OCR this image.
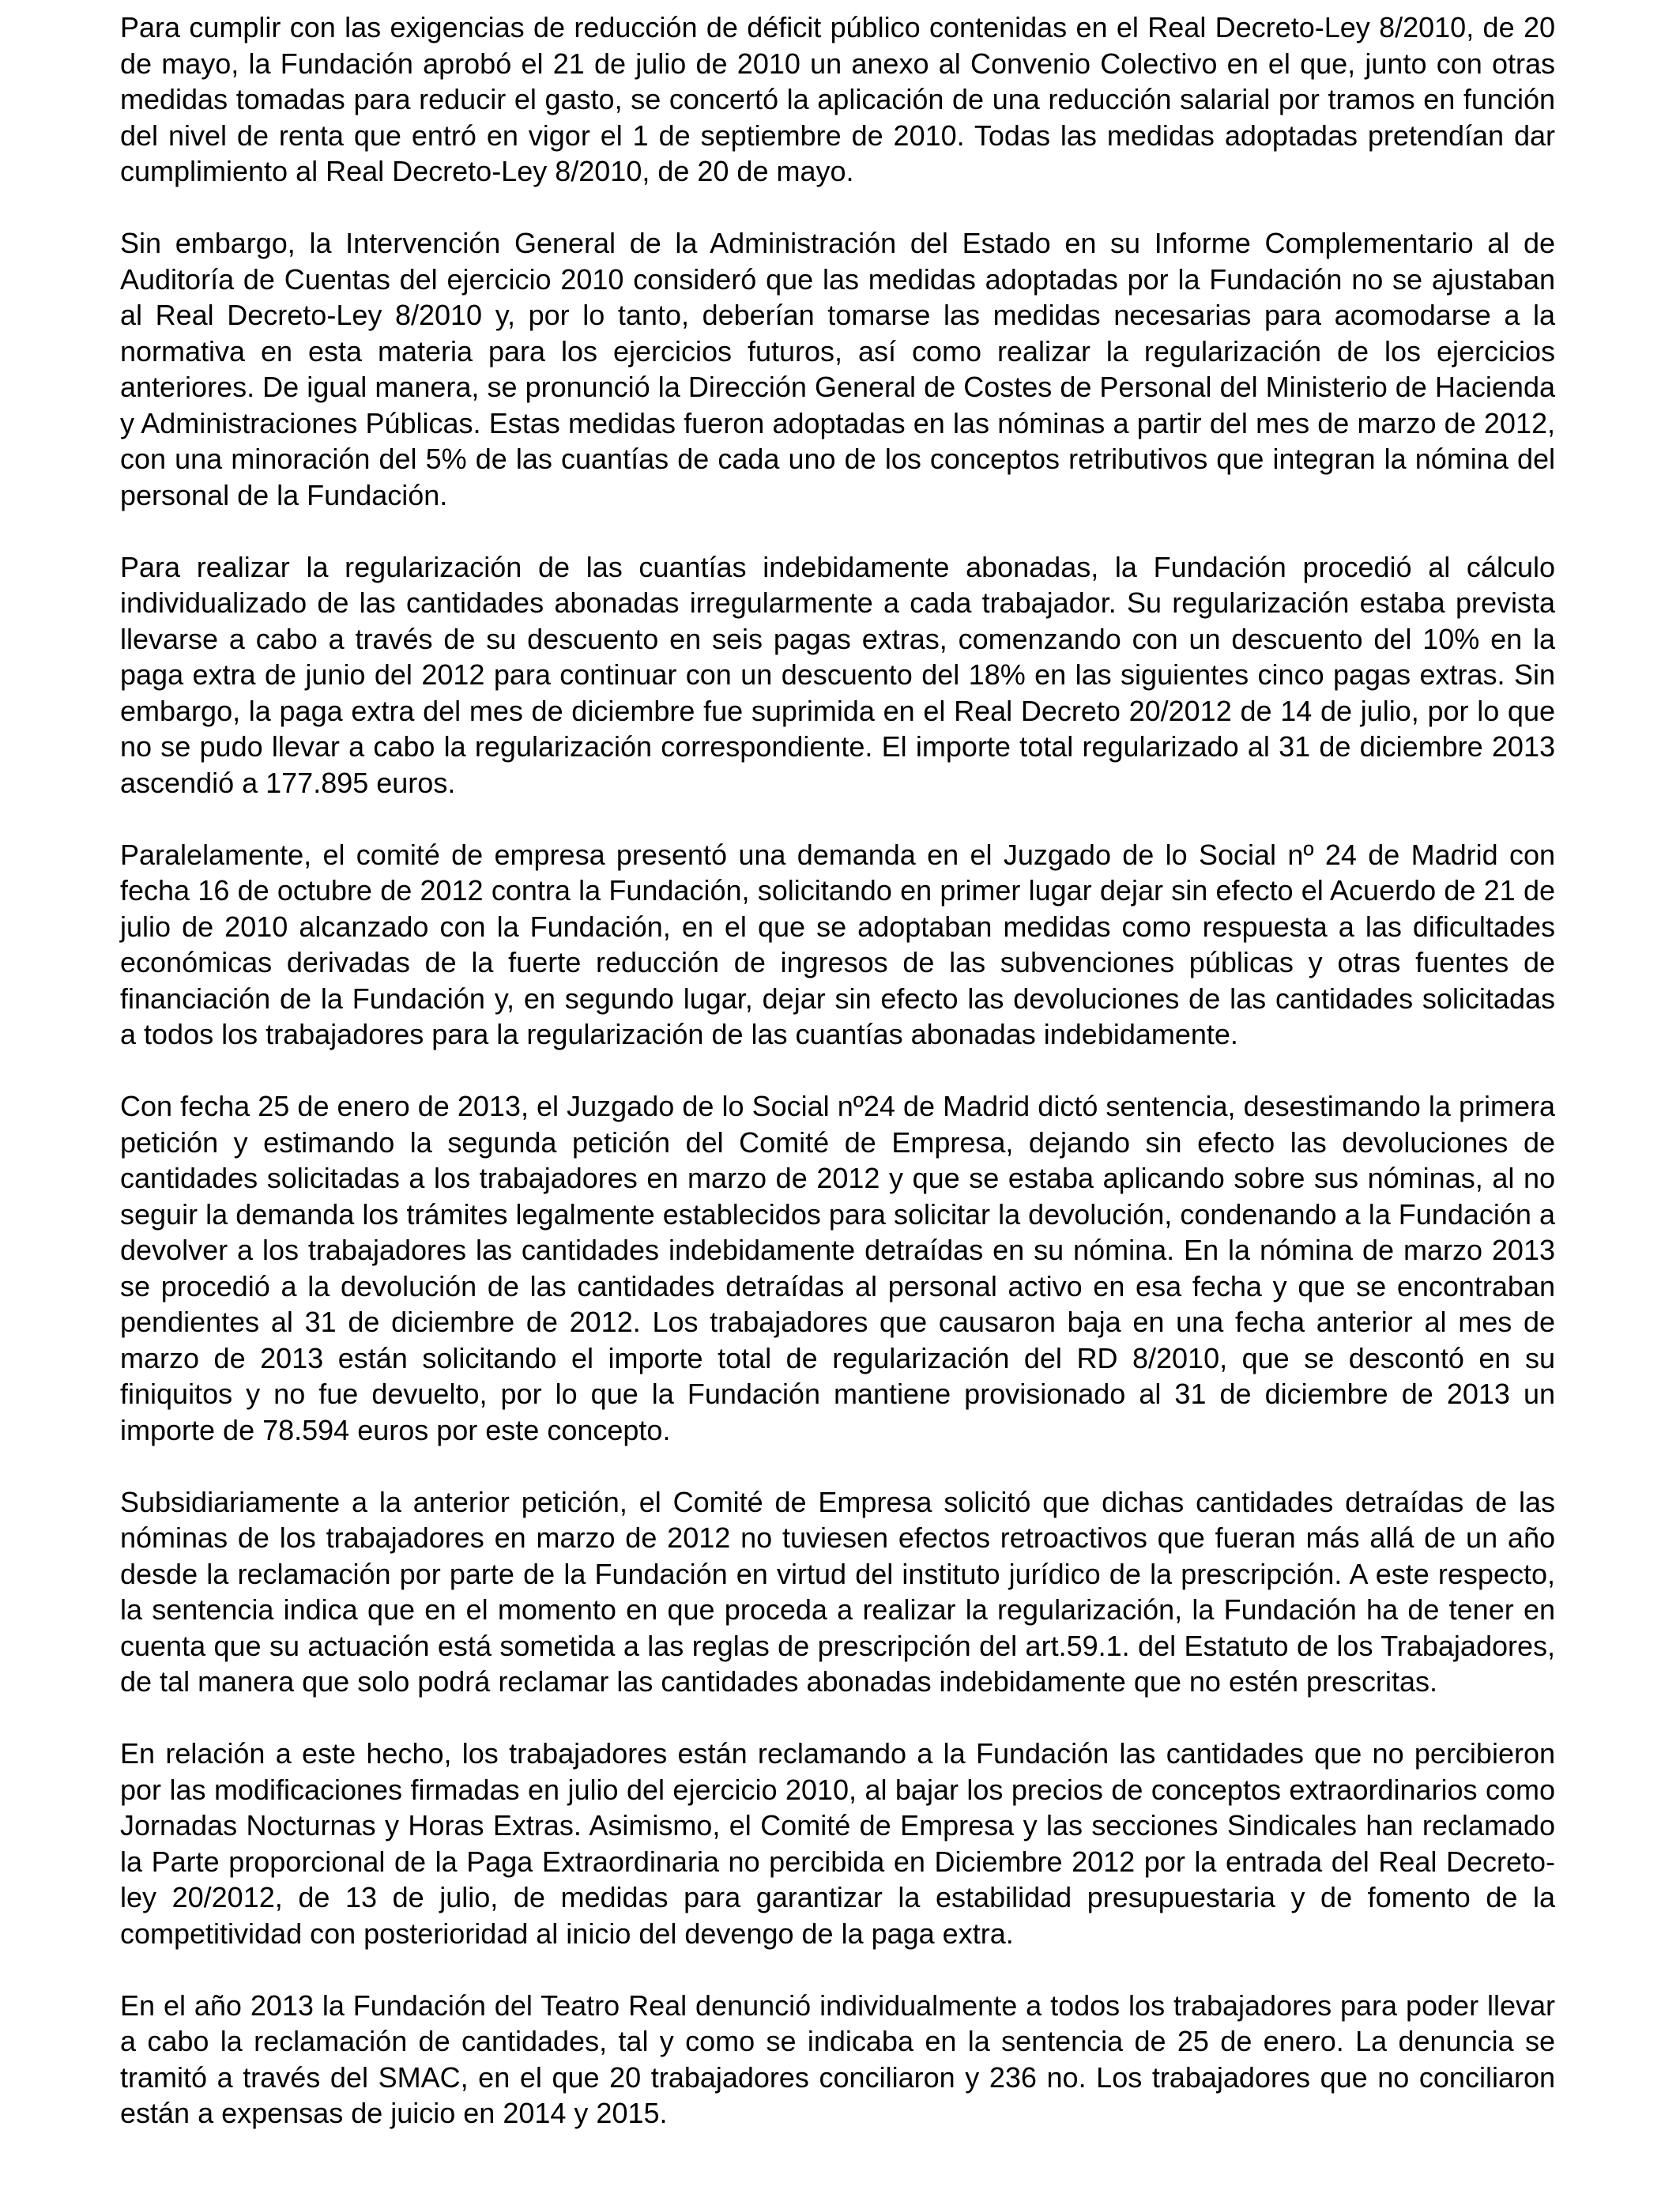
Para cumplir con las exigencias de reducción de déficit público contenidas en el Real Decreto-Ley 8/2010, de 20 de mayo, la Fundación aprobó el 21 de julio de 2010 un anexo al Convenio Colectivo en el que, junto con otras medidas tomadas para reducir el gasto, se concertó la aplicación de una reducción salarial por tramos en función del nivel de renta que entró en vigor el 1 de septiembre de 2010. Todas las medidas adoptadas pretendían dar cumplimiento al Real Decreto-Ley 8/2010, de 20 de mayo.

Sin embargo, la Intervención General de la Administración del Estado en su Informe Complementario al de Auditoría de Cuentas del ejercicio 2010 consideró que las medidas adoptadas por la Fundación no se ajustaban al Real Decreto-Ley 8/2010 y, por lo tanto, deberían tomarse las medidas necesarias para acomodarse a la normativa en esta materia para los ejercicios futuros, así como realizar la regularización de los ejercicios anteriores. De igual manera, se pronunció la Dirección General de Costes de Personal del Ministerio de Hacienda y Administraciones Públicas. Estas medidas fueron adoptadas en las nóminas a partir del mes de marzo de 2012, con una minoración del 5% de las cuantías de cada uno de los conceptos retributivos que integran la nómina del personal de la Fundación.

Para realizar la regularización de las cuantías indebidamente abonadas, la Fundación procedió al cálculo individualizado de las cantidades abonadas irregularmente a cada trabajador. Su regularización estaba prevista llevarse a cabo a través de su descuento en seis pagas extras, comenzando con un descuento del 10% en la paga extra de junio del 2012 para continuar con un descuento del 18% en las siguientes cinco pagas extras. Sin embargo, la paga extra del mes de diciembre fue suprimida en el Real Decreto 20/2012 de 14 de julio, por lo que no se pudo llevar a cabo la regularización correspondiente. El importe total regularizado al 31 de diciembre 2013 ascendió a 177.895 euros.

Paralelamente, el comité de empresa presentó una demanda en el Juzgado de lo Social nº 24 de Madrid con fecha 16 de octubre de 2012 contra la Fundación, solicitando en primer lugar dejar sin efecto el Acuerdo de 21 de julio de 2010 alcanzado con la Fundación, en el que se adoptaban medidas como respuesta a las dificultades económicas derivadas de la fuerte reducción de ingresos de las subvenciones públicas y otras fuentes de financiación de la Fundación y, en segundo lugar, dejar sin efecto las devoluciones de las cantidades solicitadas a todos los trabajadores para la regularización de las cuantías abonadas indebidamente.

Con fecha 25 de enero de 2013, el Juzgado de lo Social nº24 de Madrid dictó sentencia, desestimando la primera petición y estimando la segunda petición del Comité de Empresa, dejando sin efecto las devoluciones de cantidades solicitadas a los trabajadores en marzo de 2012 y que se estaba aplicando sobre sus nóminas, al no seguir la demanda los trámites legalmente establecidos para solicitar la devolución, condenando a la Fundación a devolver a los trabajadores las cantidades indebidamente detraídas en su nómina. En la nómina de marzo 2013 se procedió a la devolución de las cantidades detraídas al personal activo en esa fecha y que se encontraban pendientes al 31 de diciembre de 2012. Los trabajadores que causaron baja en una fecha anterior al mes de marzo de 2013 están solicitando el importe total de regularización del RD 8/2010, que se descontó en su finiquitos y no fue devuelto, por lo que la Fundación mantiene provisionado al 31 de diciembre de 2013 un importe de 78.594 euros por este concepto.

Subsidiariamente a la anterior petición, el Comité de Empresa solicitó que dichas cantidades detraídas de las nóminas de los trabajadores en marzo de 2012 no tuviesen efectos retroactivos que fueran más allá de un año desde la reclamación por parte de la Fundación en virtud del instituto jurídico de la prescripción. A este respecto, la sentencia indica que en el momento en que proceda a realizar la regularización, la Fundación ha de tener en cuenta que su actuación está sometida a las reglas de prescripción del art.59.1. del Estatuto de los Trabajadores, de tal manera que solo podrá reclamar las cantidades abonadas indebidamente que no estén prescritas.

En relación a este hecho, los trabajadores están reclamando a la Fundación las cantidades que no percibieron por las modificaciones firmadas en julio del ejercicio 2010, al bajar los precios de conceptos extraordinarios como Jornadas Nocturnas y Horas Extras. Asimismo, el Comité de Empresa y las secciones Sindicales han reclamado la Parte proporcional de la Paga Extraordinaria no percibida en Diciembre 2012 por la entrada del Real Decreto-ley 20/2012, de 13 de julio, de medidas para garantizar la estabilidad presupuestaria y de fomento de la competitividad con posterioridad al inicio del devengo de la paga extra.

En el año 2013 la Fundación del Teatro Real denunció individualmente a todos los trabajadores para poder llevar a cabo la reclamación de cantidades, tal y como se indicaba en la sentencia de 25 de enero. La denuncia se tramitó a través del SMAC, en el que 20 trabajadores conciliaron y 236 no. Los trabajadores que no conciliaron están a expensas de juicio en 2014 y 2015.
